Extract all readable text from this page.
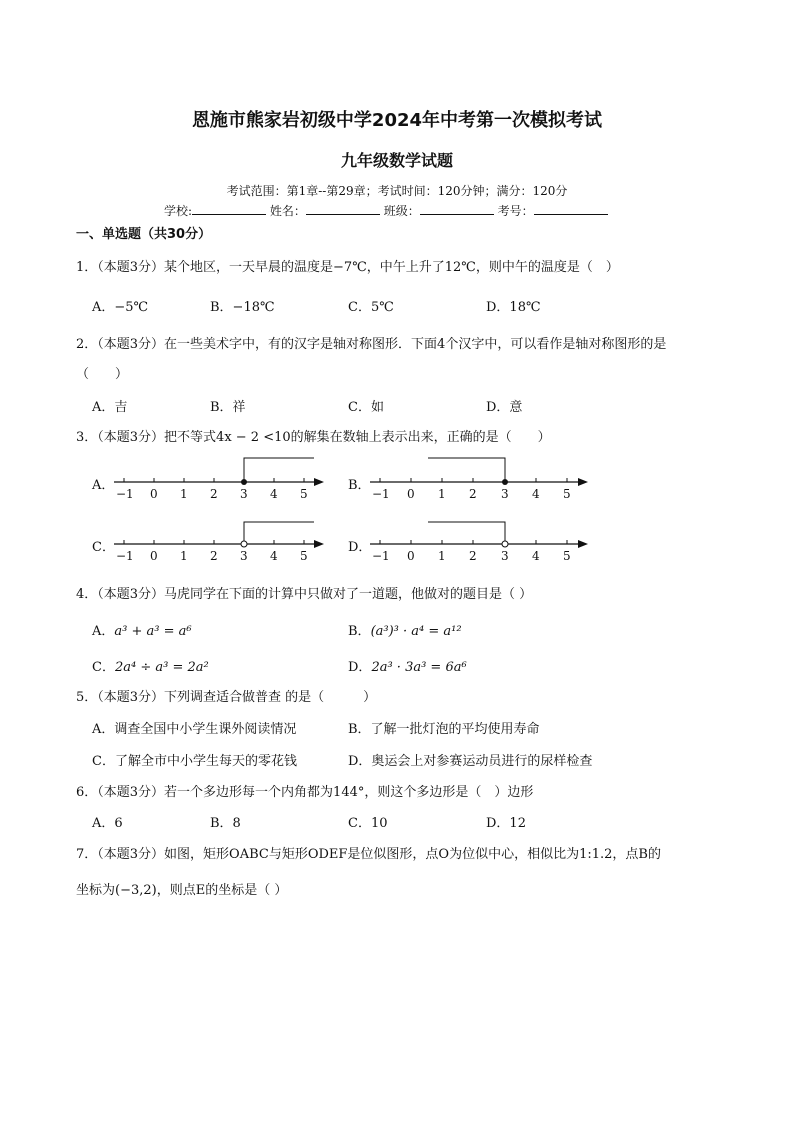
恩施市熊家岩初级中学2024年中考第一次模拟考试
九年级数学试题
考试范围：第1章--第29章；考试时间：120分钟；满分：120分
学校:	姓名：	班级：	考号：
一、单选题（共30分）
1．（本题3分）某个地区，一天早晨的温度是−7℃，中午上升了12℃，则中午的温度是（　）
A．−5℃	B．−18℃	C．5℃	D．18℃
2．（本题3分）在一些美术字中，有的汉字是轴对称图形．下面4个汉字中，可以看作是轴对称图形的是
（　　）
A．吉	B．祥	C．如	D．意
3．（本题3分）把不等式4x − 2 <10的解集在数轴上表示出来，正确的是（　　）
A．	B．
C．	D．
−1 0 1 2 3 4 5	−1 0 1 2 3 4 5
−1 0 1 2 3 4 5	−1 0 1 2 3 4 5
4．（本题3分）马虎同学在下面的计算中只做对了一道题，他做对的题目是（ ）
A．a³ + a³ = a⁶	B．(a³)³ · a⁴ = a¹²
C．2a⁴ ÷ a³ = 2a²	D．2a³ · 3a³ = 6a⁶
5．（本题3分）下列调查适合做普查 的是（　　　）
A．调查全国中小学生课外阅读情况	B．了解一批灯泡的平均使用寿命
C．了解全市中小学生每天的零花钱	D．奥运会上对参赛运动员进行的尿样检查
6．（本题3分）若一个多边形每一个内角都为144°，则这个多边形是（　）边形
A．6	B．8	C．10	D．12
7．（本题3分）如图，矩形OABC与矩形ODEF是位似图形，点O为位似中心，相似比为1:1.2，点B的
坐标为(−3,2)，则点E的坐标是（ ）
